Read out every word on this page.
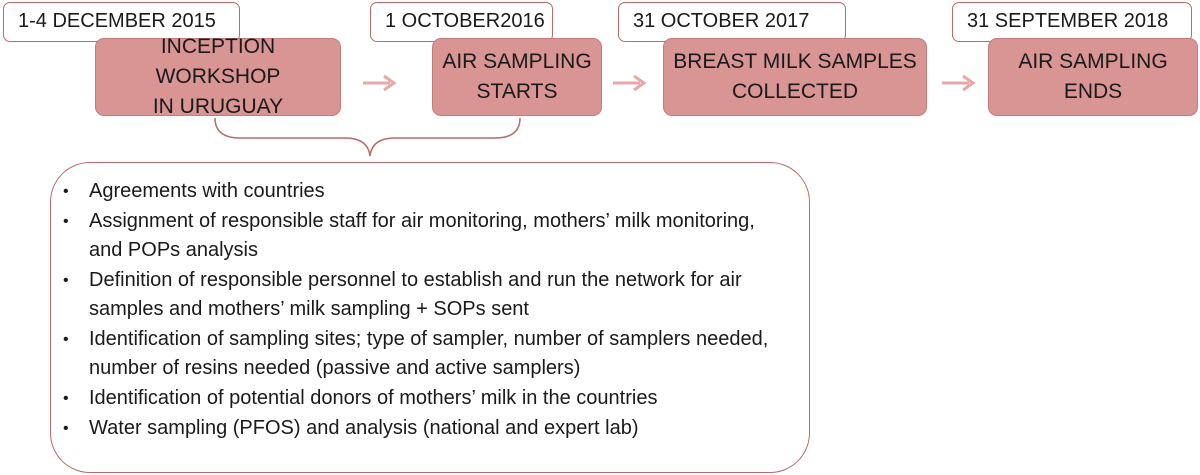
1-4 DECEMBER 2015
INCEPTION WORKSHOP
IN URUGUAY
1 OCTOBER2016
AIR SAMPLING
STARTS
31 OCTOBER 2017
BREAST MILK SAMPLES
COLLECTED
31 SEPTEMBER 2018
AIR SAMPLING
ENDS
• Agreements with countries
• Assignment of responsible staff for air monitoring, mothers’ milk monitoring, and POPs analysis
• Definition of responsible personnel to establish and run the network for air samples and mothers’ milk sampling + SOPs sent
• Identification of sampling sites; type of sampler, number of samplers needed, number of resins needed (passive and active samplers)
• Identification of potential donors of mothers’ milk in the countries
• Water sampling (PFOS) and analysis (national and expert lab)
